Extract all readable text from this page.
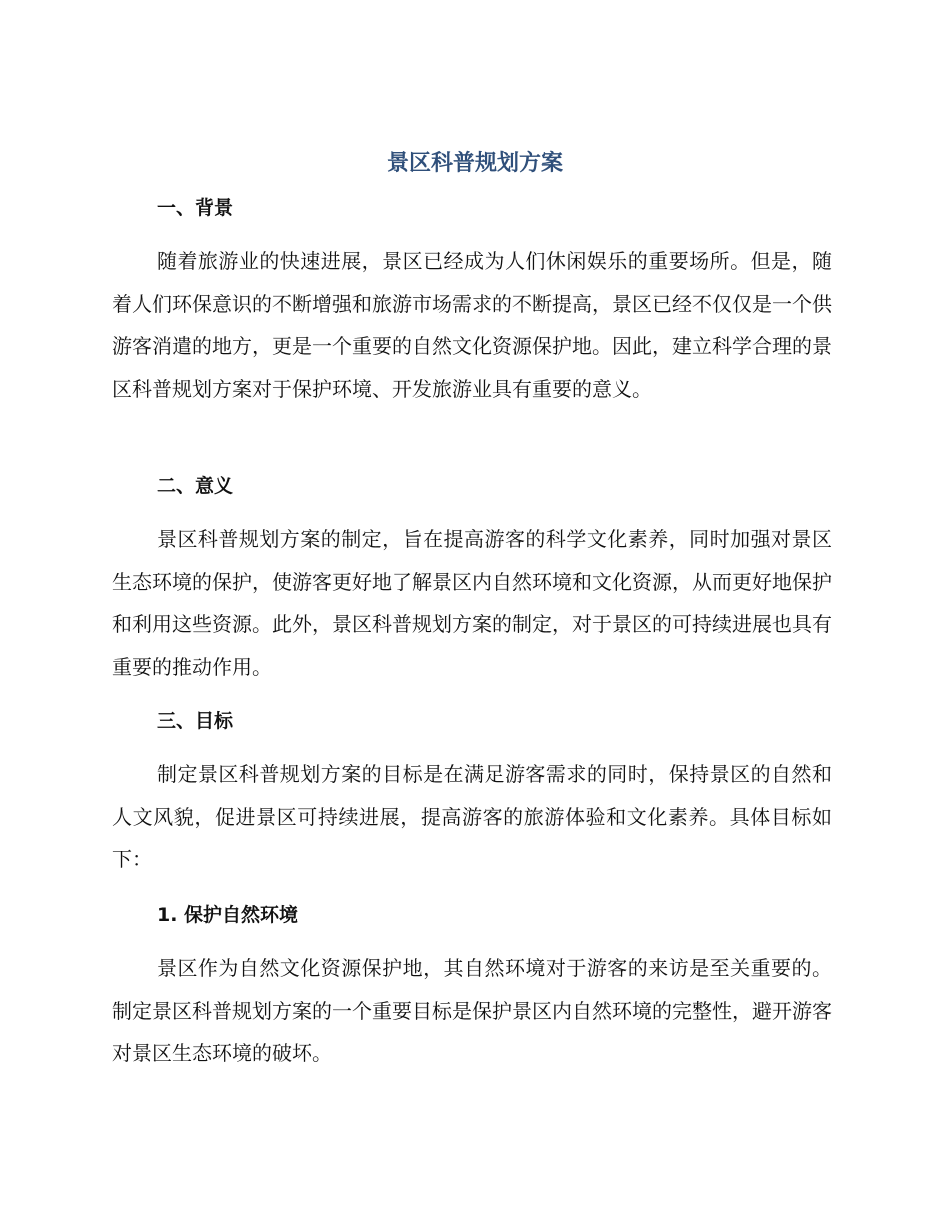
景区科普规划方案
一、背景

随着旅游业的快速进展，景区已经成为人们休闲娱乐的重要场所。但是，随着人们环保意识的不断增强和旅游市场需求的不断提高，景区已经不仅仅是一个供游客消遣的地方，更是一个重要的自然文化资源保护地。因此，建立科学合理的景区科普规划方案对于保护环境、开发旅游业具有重要的意义。

二、意义

景区科普规划方案的制定，旨在提高游客的科学文化素养，同时加强对景区生态环境的保护，使游客更好地了解景区内自然环境和文化资源，从而更好地保护和利用这些资源。此外，景区科普规划方案的制定，对于景区的可持续进展也具有重要的推动作用。

三、目标

制定景区科普规划方案的目标是在满足游客需求的同时，保持景区的自然和人文风貌，促进景区可持续进展，提高游客的旅游体验和文化素养。具体目标如下：

1. 保护自然环境

景区作为自然文化资源保护地，其自然环境对于游客的来访是至关重要的。制定景区科普规划方案的一个重要目标是保护景区内自然环境的完整性，避开游客对景区生态环境的破坏。
